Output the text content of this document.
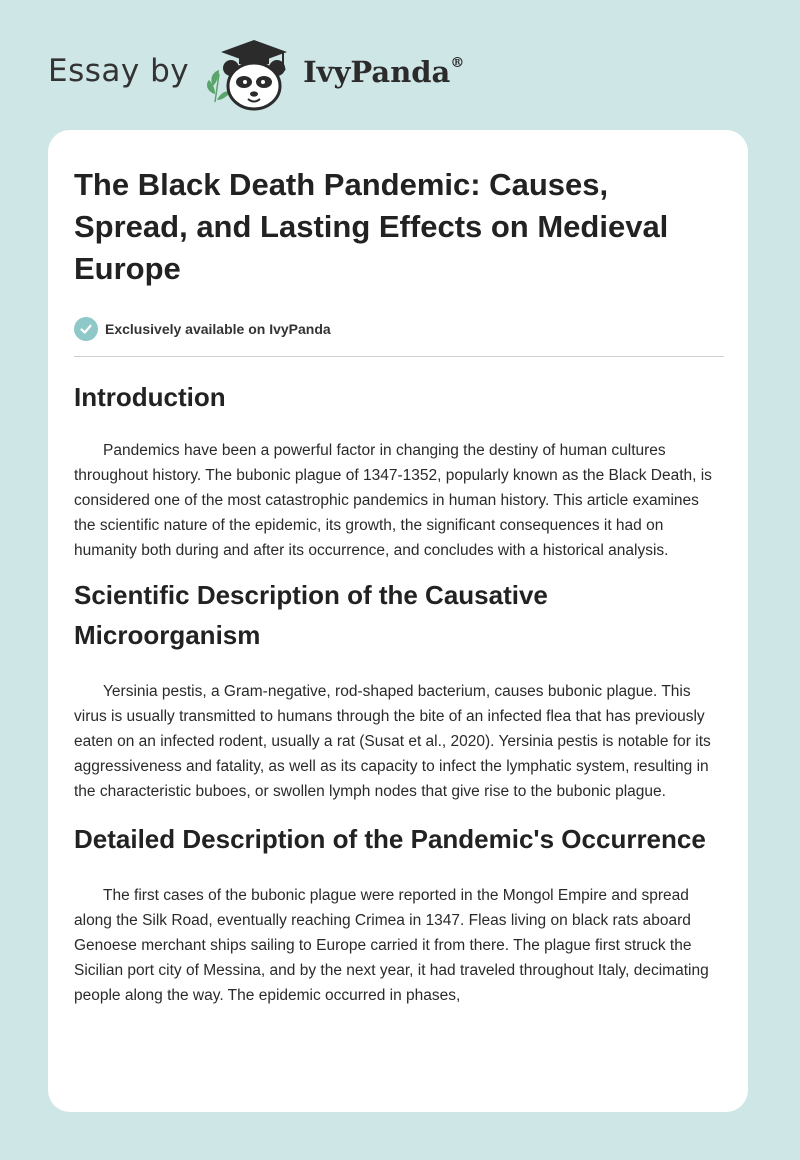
Essay by	IvyPanda®
The Black Death Pandemic: Causes, Spread, and Lasting Effects on Medieval Europe
Exclusively available on IvyPanda
Introduction

Pandemics have been a powerful factor in changing the destiny of human cultures throughout history. The bubonic plague of 1347-1352, popularly known as the Black Death, is considered one of the most catastrophic pandemics in human history. This article examines the scientific nature of the epidemic, its growth, the significant consequences it had on humanity both during and after its occurrence, and concludes with a historical analysis.

Scientific Description of the Causative Microorganism

Yersinia pestis, a Gram-negative, rod-shaped bacterium, causes bubonic plague. This virus is usually transmitted to humans through the bite of an infected flea that has previously eaten on an infected rodent, usually a rat (Susat et al., 2020). Yersinia pestis is notable for its aggressiveness and fatality, as well as its capacity to infect the lymphatic system, resulting in the characteristic buboes, or swollen lymph nodes that give rise to the bubonic plague.

Detailed Description of the Pandemic's Occurrence

The first cases of the bubonic plague were reported in the Mongol Empire and spread along the Silk Road, eventually reaching Crimea in 1347. Fleas living on black rats aboard Genoese merchant ships sailing to Europe carried it from there. The plague first struck the Sicilian port city of Messina, and by the next year, it had traveled throughout Italy, decimating people along the way. The epidemic occurred in phases,
